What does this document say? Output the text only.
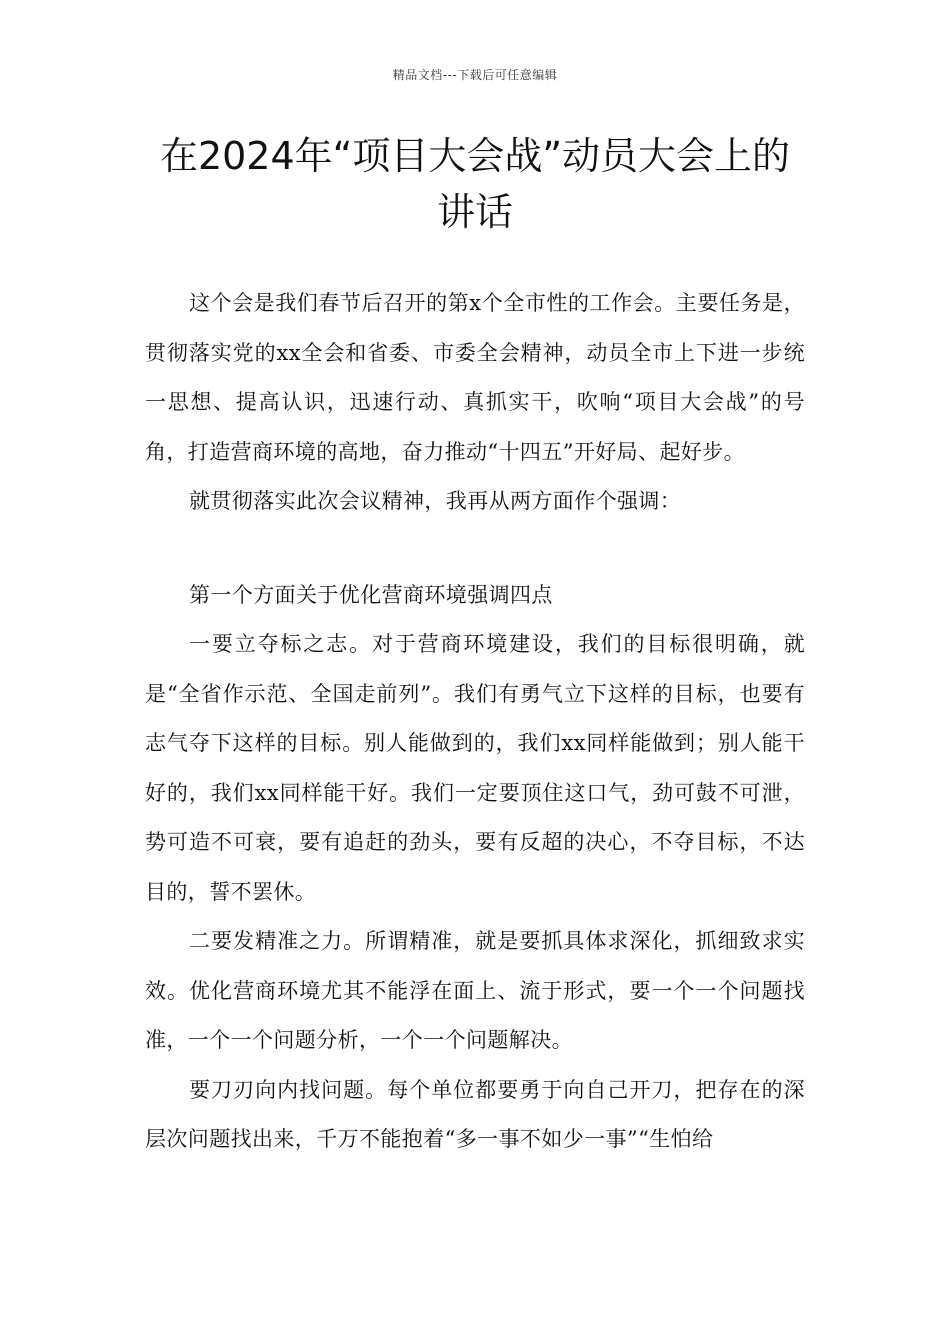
精品文档---下载后可任意编辑
在2024年“项目大会战”动员大会上的讲话

这个会是我们春节后召开的第x个全市性的工作会。主要任务是，贯彻落实党的xx全会和省委、市委全会精神，动员全市上下进一步统一思想、提高认识，迅速行动、真抓实干，吹响“项目大会战”的号角，打造营商环境的高地，奋力推动“十四五”开好局、起好步。

就贯彻落实此次会议精神，我再从两方面作个强调：

第一个方面关于优化营商环境强调四点

一要立夺标之志。对于营商环境建设，我们的目标很明确，就是“全省作示范、全国走前列”。我们有勇气立下这样的目标，也要有志气夺下这样的目标。别人能做到的，我们xx同样能做到；别人能干好的，我们xx同样能干好。我们一定要顶住这口气，劲可鼓不可泄，势可造不可衰，要有追赶的劲头，要有反超的决心，不夺目标，不达目的，誓不罢休。

二要发精准之力。所谓精准，就是要抓具体求深化，抓细致求实效。优化营商环境尤其不能浮在面上、流于形式，要一个一个问题找准，一个一个问题分析，一个一个问题解决。

要刀刃向内找问题。每个单位都要勇于向自己开刀，把存在的深层次问题找出来，千万不能抱着“多一事不如少一事”“生怕给
